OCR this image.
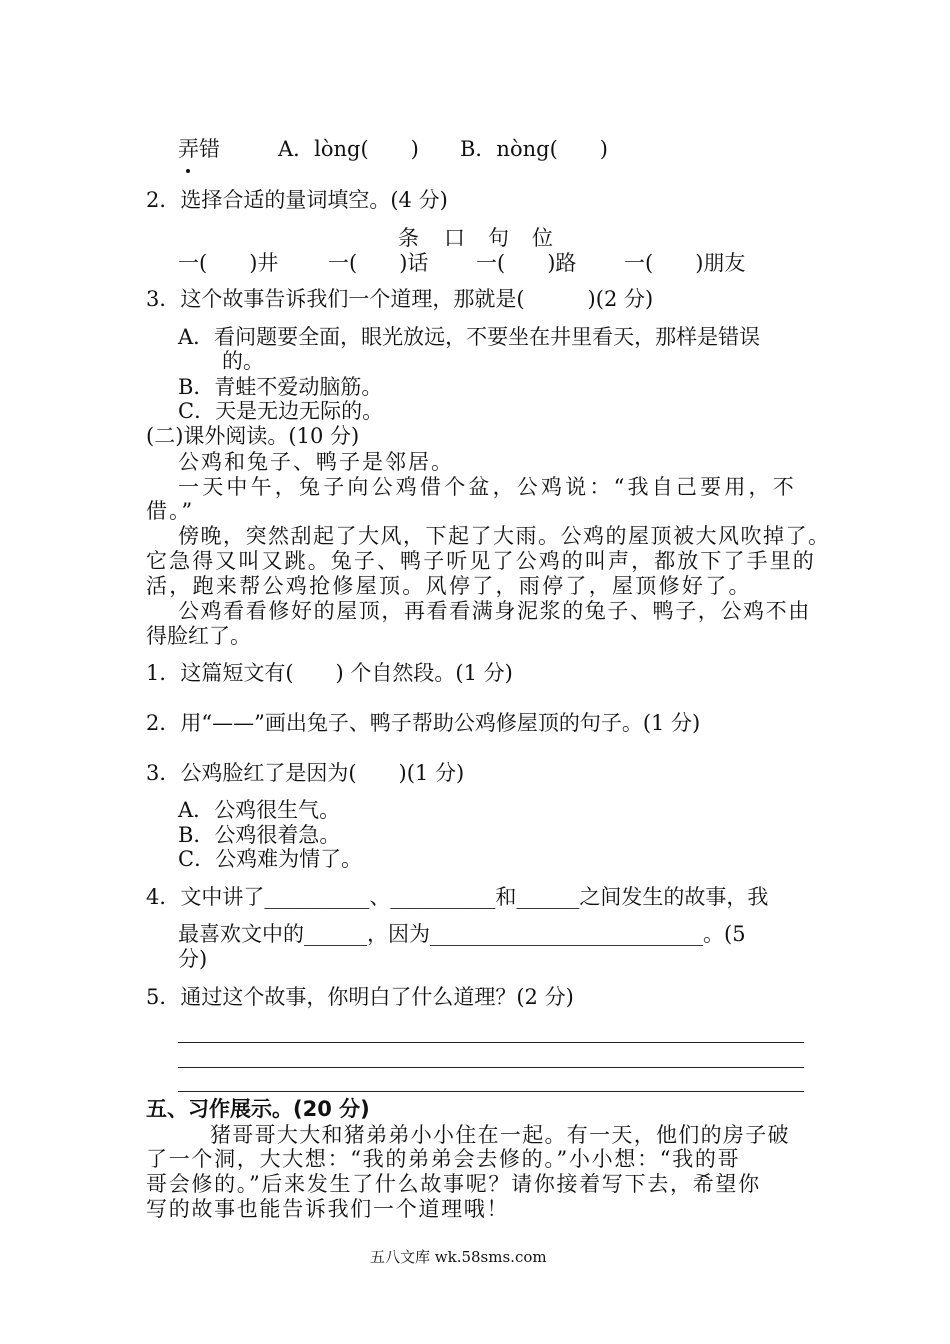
弄错	A．lòng(　　) B．nòng(　　)
2．选择合适的量词填空。(4 分)
条 口 句 位
一(　　)井 一(　　)话 一(　　)路 一(　　)朋友
3．这个故事告诉我们一个道理，那就是(　　　)(2 分)
A．看问题要全面，眼光放远，不要坐在井里看天，那样是错误
的。
B．青蛙不爱动脑筋。
C．天是无边无际的。
(二)课外阅读。(10 分)
公鸡和兔子、鸭子是邻居。
一天中午，兔子向公鸡借个盆，公鸡说：“我自己要用，不
借。”
傍晚，突然刮起了大风，下起了大雨。公鸡的屋顶被大风吹掉了。
它急得又叫又跳。兔子、鸭子听见了公鸡的叫声，都放下了手里的
活，跑来帮公鸡抢修屋顶。风停了，雨停了，屋顶修好了。
公鸡看看修好的屋顶，再看看满身泥浆的兔子、鸭子，公鸡不由
得脸红了。
1．这篇短文有(　　) 个自然段。(1 分)
2．用“——”画出兔子、鸭子帮助公鸡修屋顶的句子。(1 分)
3．公鸡脸红了是因为(　　)(1 分)
A．公鸡很生气。
B．公鸡很着急。
C．公鸡难为情了。
4．文中讲了__________、__________和______之间发生的故事，我
最喜欢文中的______，因为__________________________。(5
分)
5．通过这个故事，你明白了什么道理？(2 分)
五、习作展示。(20 分)
猪哥哥大大和猪弟弟小小住在一起。有一天，他们的房子破
了一个洞，大大想：“我的弟弟会去修的。”小小想：“我的哥
哥会修的。”后来发生了什么故事呢？请你接着写下去，希望你
写的故事也能告诉我们一个道理哦！
五八文库 wk.58sms.com
